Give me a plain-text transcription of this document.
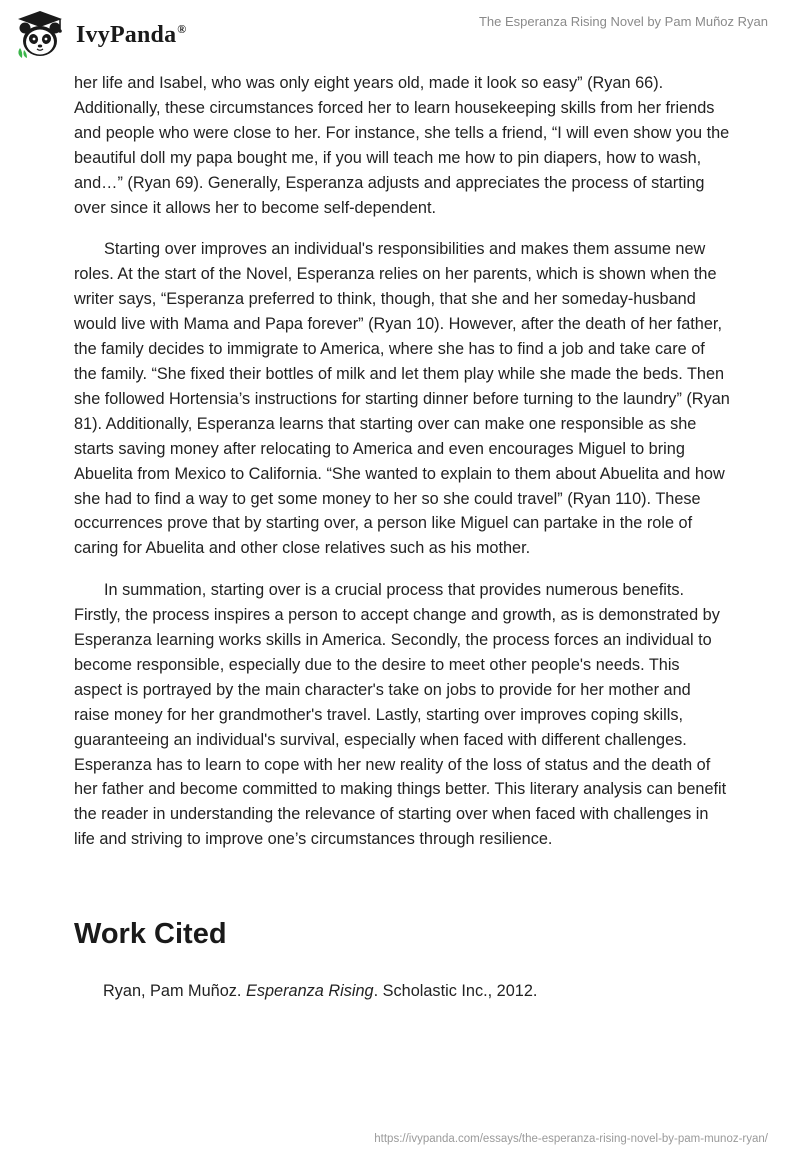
IvyPanda®	The Esperanza Rising Novel by Pam Muñoz Ryan

her life and Isabel, who was only eight years old, made it look so easy” (Ryan 66). Additionally, these circumstances forced her to learn housekeeping skills from her friends and people who were close to her. For instance, she tells a friend, “I will even show you the beautiful doll my papa bought me, if you will teach me how to pin diapers, how to wash, and…” (Ryan 69). Generally, Esperanza adjusts and appreciates the process of starting over since it allows her to become self-dependent.

Starting over improves an individual's responsibilities and makes them assume new roles. At the start of the Novel, Esperanza relies on her parents, which is shown when the writer says, “Esperanza preferred to think, though, that she and her someday-husband would live with Mama and Papa forever” (Ryan 10). However, after the death of her father, the family decides to immigrate to America, where she has to find a job and take care of the family. “She fixed their bottles of milk and let them play while she made the beds. Then she followed Hortensia’s instructions for starting dinner before turning to the laundry” (Ryan 81). Additionally, Esperanza learns that starting over can make one responsible as she starts saving money after relocating to America and even encourages Miguel to bring Abuelita from Mexico to California. “She wanted to explain to them about Abuelita and how she had to find a way to get some money to her so she could travel” (Ryan 110). These occurrences prove that by starting over, a person like Miguel can partake in the role of caring for Abuelita and other close relatives such as his mother.

In summation, starting over is a crucial process that provides numerous benefits. Firstly, the process inspires a person to accept change and growth, as is demonstrated by Esperanza learning works skills in America. Secondly, the process forces an individual to become responsible, especially due to the desire to meet other people's needs. This aspect is portrayed by the main character's take on jobs to provide for her mother and raise money for her grandmother's travel. Lastly, starting over improves coping skills, guaranteeing an individual's survival, especially when faced with different challenges. Esperanza has to learn to cope with her new reality of the loss of status and the death of her father and become committed to making things better. This literary analysis can benefit the reader in understanding the relevance of starting over when faced with challenges in life and striving to improve one’s circumstances through resilience.

Work Cited
Ryan, Pam Muñoz. Esperanza Rising. Scholastic Inc., 2012.
https://ivypanda.com/essays/the-esperanza-rising-novel-by-pam-munoz-ryan/
